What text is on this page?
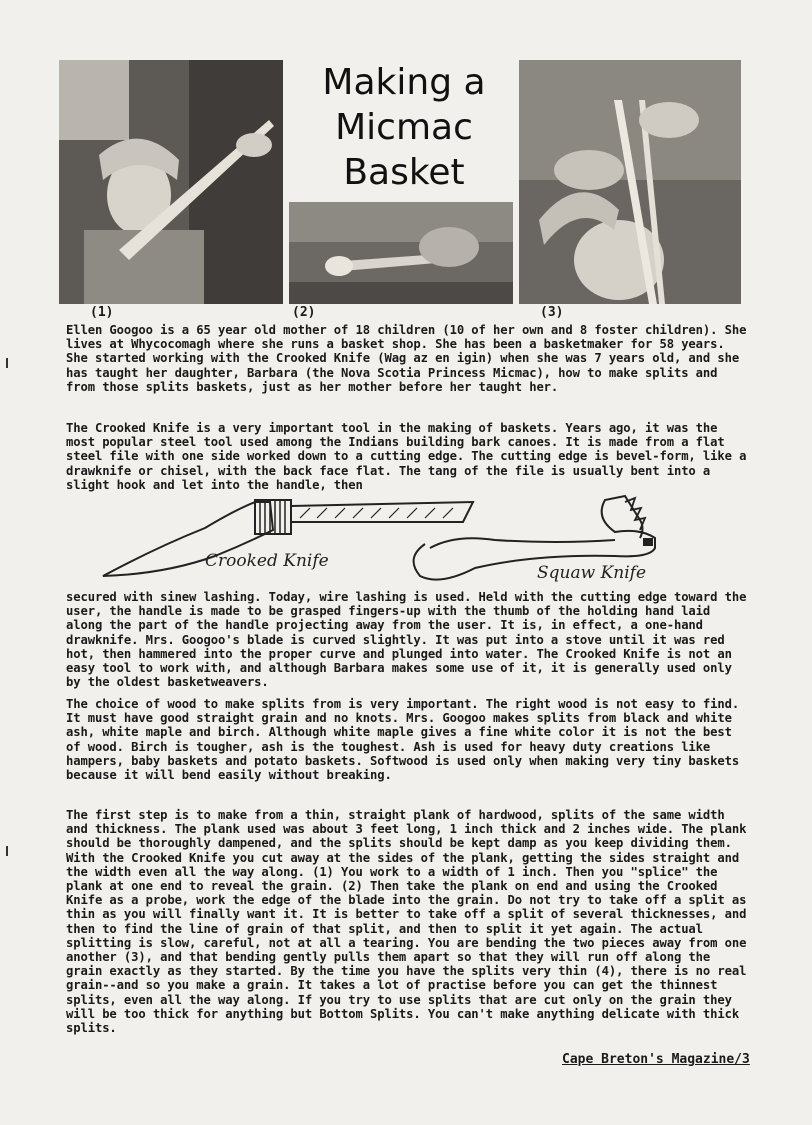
(1)
Making a
Micmac
Basket
(2)	(3)

Ellen Googoo is a 65 year old mother of 18 children (10 of her own and 8 foster children). She lives at Whycocomagh where she runs a basket shop. She has been a basketmaker for 58 years. She started working with the Crooked Knife (Wag az en igin) when she was 7 years old, and she has taught her daughter, Barbara (the Nova Scotia Princess Micmac), how to make splits and from those splits baskets, just as her mother before her taught her.

The Crooked Knife is a very important tool in the making of baskets. Years ago, it was the most popular steel tool used among the Indians building bark canoes. It is made from a flat steel file with one side worked down to a cutting edge. The cutting edge is bevel-form, like a drawknife or chisel, with the back face flat. The tang of the file is usually bent into a slight hook and let into the handle, then

Crooked Knife
Squaw Knife

secured with sinew lashing. Today, wire lashing is used. Held with the cutting edge toward the user, the handle is made to be grasped fingers-up with the thumb of the holding hand laid along the part of the handle projecting away from the user. It is, in effect, a one-hand drawknife. Mrs. Googoo's blade is curved slightly. It was put into a stove until it was red hot, then hammered into the proper curve and plunged into water. The Crooked Knife is not an easy tool to work with, and although Barbara makes some use of it, it is generally used only by the oldest basketweavers.

The choice of wood to make splits from is very important. The right wood is not easy to find. It must have good straight grain and no knots. Mrs. Googoo makes splits from black and white ash, white maple and birch. Although white maple gives a fine white color it is not the best of wood. Birch is tougher, ash is the toughest. Ash is used for heavy duty creations like hampers, baby baskets and potato baskets. Softwood is used only when making very tiny baskets because it will bend easily without breaking.

The first step is to make from a thin, straight plank of hardwood, splits of the same width and thickness. The plank used was about 3 feet long, 1 inch thick and 2 inches wide. The plank should be thoroughly dampened, and the splits should be kept damp as you keep dividing them. With the Crooked Knife you cut away at the sides of the plank, getting the sides straight and the width even all the way along. (1) You work to a width of 1 inch. Then you "splice" the plank at one end to reveal the grain. (2) Then take the plank on end and using the Crooked Knife as a probe, work the edge of the blade into the grain. Do not try to take off a split as thin as you will finally want it. It is better to take off a split of several thicknesses, and then to find the line of grain of that split, and then to split it yet again. The actual splitting is slow, careful, not at all a tearing. You are bending the two pieces away from one another (3), and that bending gently pulls them apart so that they will run off along the grain exactly as they started. By the time you have the splits very thin (4), there is no real grain--and so you make a grain. It takes a lot of practise before you can get the thinnest splits, even all the way along. If you try to use splits that are cut only on the grain they will be too thick for anything but Bottom Splits. You can't make anything delicate with thick splits.

Cape Breton's Magazine/3
